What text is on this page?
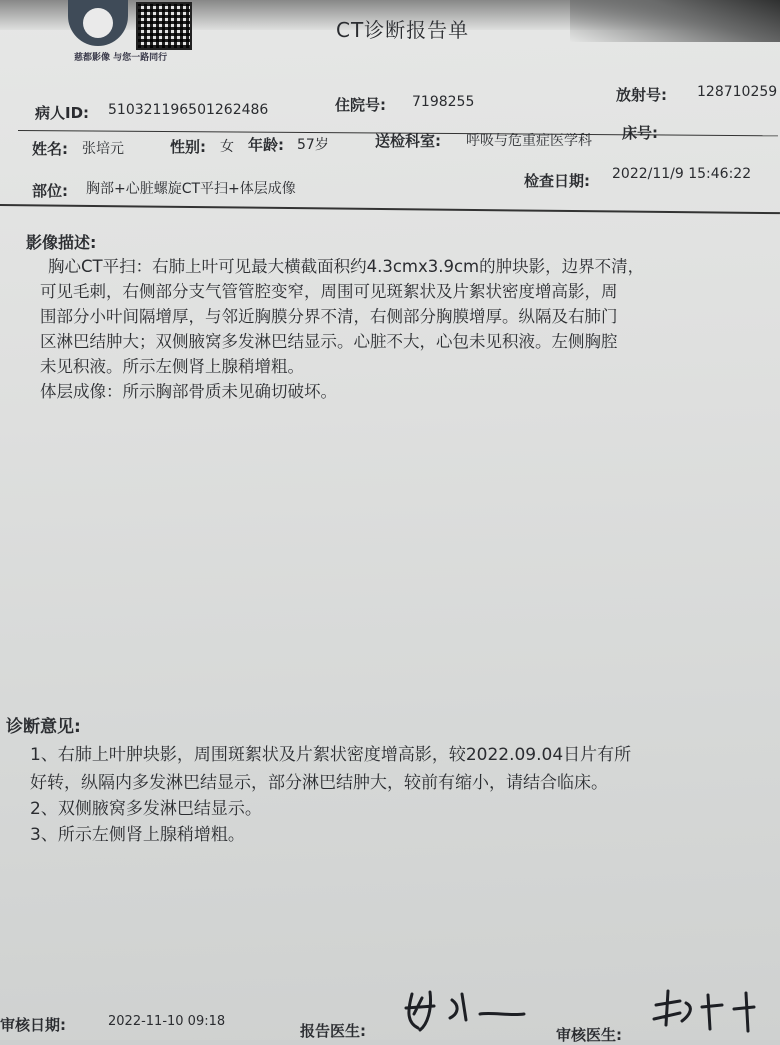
慈都影像 与您一路同行
CT诊断报告单
放射号: 128710259
病人ID: 510321196501262486	住院号: 7198255
姓名: 张培元	性别: 女 年龄: 57岁	送检科室: 呼吸与危重症医学科 床号:
部位: 胸部+心脏螺旋CT平扫+体层成像	检查日期: 2022/11/9 15:46:22
影像描述:
胸心CT平扫：右肺上叶可见最大横截面积约4.3cmx3.9cm的肿块影，边界不清，
可见毛刺，右侧部分支气管管腔变窄，周围可见斑絮状及片絮状密度增高影，周
围部分小叶间隔增厚，与邻近胸膜分界不清，右侧部分胸膜增厚。纵隔及右肺门
区淋巴结肿大；双侧腋窝多发淋巴结显示。心脏不大，心包未见积液。左侧胸腔
未见积液。所示左侧肾上腺稍增粗。
体层成像：所示胸部骨质未见确切破坏。
诊断意见:
1、右肺上叶肿块影，周围斑絮状及片絮状密度增高影，较2022.09.04日片有所
好转，纵隔内多发淋巴结显示，部分淋巴结肿大，较前有缩小，请结合临床。
2、双侧腋窝多发淋巴结显示。
3、所示左侧肾上腺稍增粗。
审核日期:	2022-11-10 09:18
报告医生:	审核医生:
